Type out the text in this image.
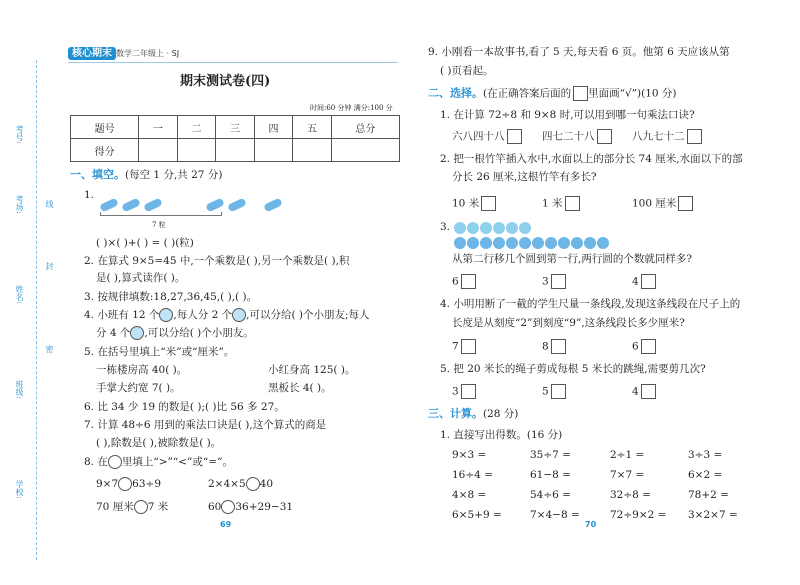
考号:
考场:
姓名:
班级:
学校:
线
封
密
核心期末 数学二年级上 · SJ
期末测试卷(四)
时间:60 分钟 满分:100 分
题号	一	二	三	四	五	总分
得分						
一、填空。(每空 1 分,共 27 分)
1.
7 粒
( )×( )+( ) = ( )(粒)
2. 在算式 9×5=45 中,一个乘数是( ),另一个乘数是( ),积
是( ),算式读作( )。
3. 按规律填数:18,27,36,45,( ),( )。
4. 小班有 12 个 ,每人分 2 个 ,可以分给( )个小朋友;每人
分 4 个 ,可以分给( )个小朋友。
5. 在括号里填上“米”或“厘米”。
一栋楼房高 40( )。	小红身高 125( )。
手掌大约宽 7( )。	黑板长 4( )。
6. 比 34 少 19 的数是( );( )比 56 多 27。
7. 计算 48÷6 用到的乘法口诀是( ),这个算式的商是
( ),除数是( ),被除数是( )。
8. 在 里填上“>”“<”或“=”。
9×7 63÷9	2×4×5 40
70 厘米 7 米	60 36+29−31
69
9. 小刚看一本故事书,看了 5 天,每天看 6 页。他第 6 天应该从第
( )页看起。
二、选择。(在正确答案后面的 里面画“√”)(10 分)
1. 在计算 72÷8 和 9×8 时,可以用到哪一句乘法口诀?
六八四十八	四七二十八	八九七十二
2. 把一根竹竿插入水中,水面以上的部分长 74 厘米,水面以下的部
分长 26 厘米,这根竹竿有多长?
10 米	1 米	100 厘米
3.
从第二行移几个圆到第一行,两行圆的个数就同样多?
6	3	4
4. 小明用断了一截的学生尺量一条线段,发现这条线段在尺子上的
长度是从刻度“2”到刻度“9”,这条线段长多少厘米?
7	8	6
5. 把 20 米长的绳子剪成每根 5 米长的跳绳,需要剪几次?
3	5	4
三、计算。(28 分)
1. 直接写出得数。(16 分)
9×3 =	35÷7 =	2÷1 =	3÷3 =
16÷4 =	61−8 =	7×7 =	6×2 =
4×8 =	54÷6 =	32÷8 =	78+2 =
6×5+9 =	7×4−8 =	72÷9×2 = 3×2×7 =
70
